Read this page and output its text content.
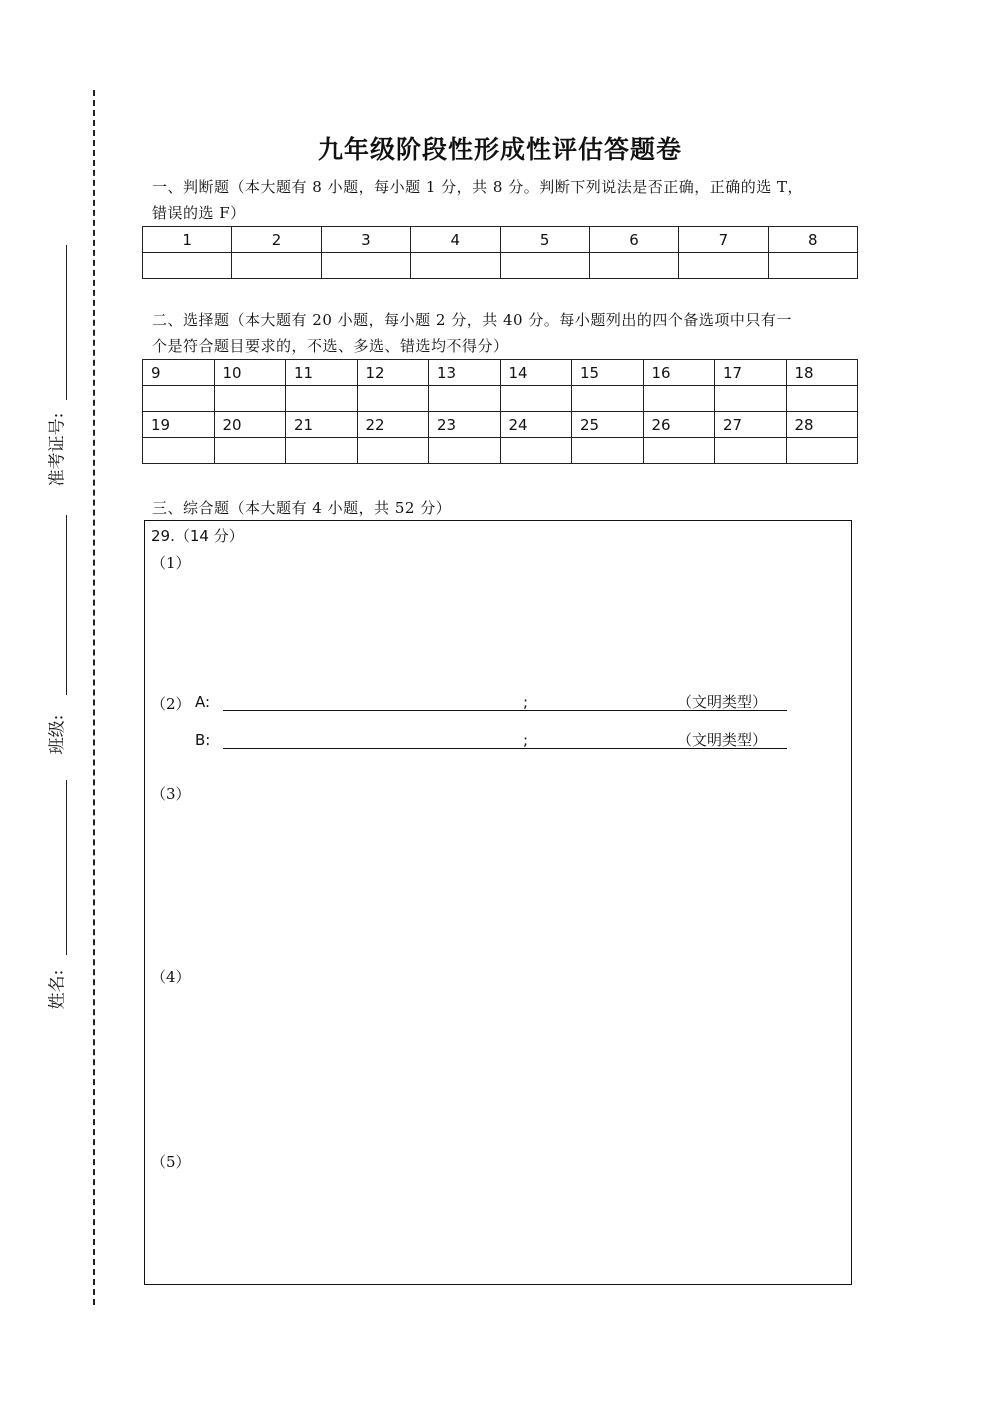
准考证号:
班级:
姓名:
九年级阶段性形成性评估答题卷
一、判断题（本大题有 8 小题，每小题 1 分，共 8 分。判断下列说法是否正确，正确的选 T，
错误的选 F）
1	2	3	4	5	6	7	8

二、选择题（本大题有 20 小题，每小题 2 分，共 40 分。每小题列出的四个备选项中只有一
个是符合题目要求的，不选、多选、错选均不得分）
9	10	11	12	13	14	15	16	17	18

19	20	21	22	23	24	25	26	27	28

三、综合题（本大题有 4 小题，共 52 分）
29.（14 分）
（1）
（2） A:	;	（文明类型）
B:	;	（文明类型）
（3）
（4）
（5）
